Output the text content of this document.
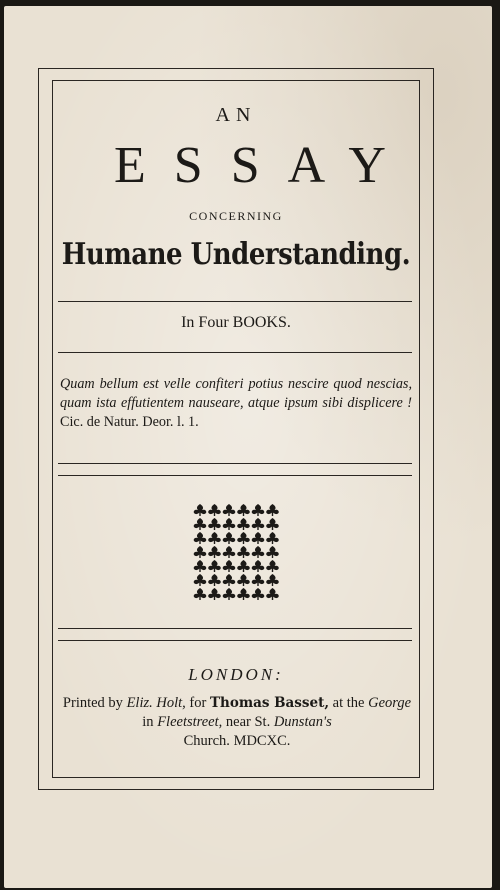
AN
ESSAY
CONCERNING
Humane Understanding.
In Four BOOKS.
Quam bellum est velle confiteri potius nescire quod nescias, quam ista effutientem nauseare, atque ipsum sibi displicere ! Cic. de Natur. Deor. l. 1.
LONDON:
Printed by Eliz. Holt, for Thomas Basset, at the George in Fleetstreet, near St. Dunstan's
Church. MDCXC.
